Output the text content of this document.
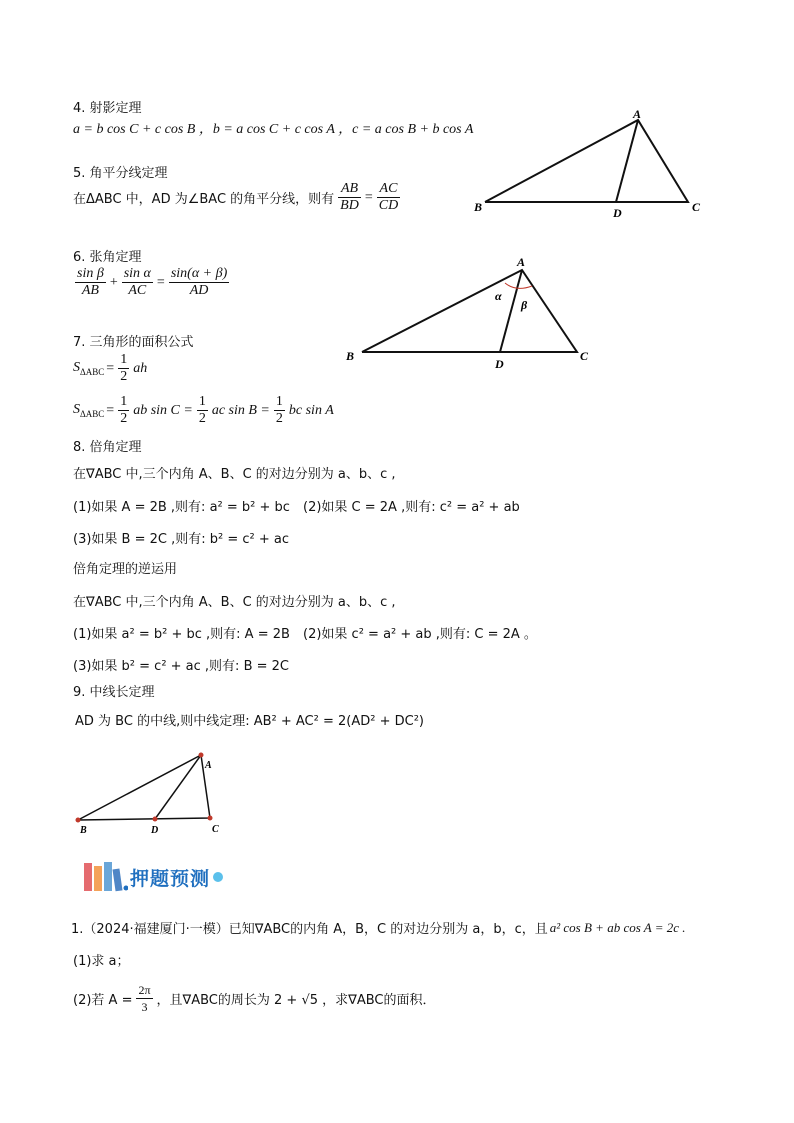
4. 射影定理
a = b cos C + c cos B ，b = a cos C + c cos A ，c = a cos B + b cos A
5. 角平分线定理
在ΔABC 中，AD 为∠BAC 的角平分线，则有 $\frac{AB}{BD} = \frac{AC}{CD}$
A
B	C
D
6. 张角定理
$\frac{\text{sin β}}{AB} + \frac{\text{sin α}}{AC} = \frac{\sin(\alpha + \beta)}{AD}$
A
B	C
D
α
β
7. 三角形的面积公式
$S_{\Delta ABC} = \frac{1}{2}$ ah
$S_{\Delta ABC} = \frac{1}{2}$ ab $\sin C = \frac{1}{2}$ ac $\sin B = \frac{1}{2}$ bc sin A
8. 倍角定理
在∇ABC 中,三个内角 A、B、C 的对边分别为 a、b、c ,
(1)如果 A = 2B ,则有: a² = b² + bc (2)如果 C = 2A ,则有: c² = a² + ab
(3)如果 B = 2C ,则有: b² = c² + ac
倍角定理的逆运用
在∇ABC 中,三个内角 A、B、C 的对边分别为 a、b、c ,
(1)如果 a² = b² + bc ,则有: A = 2B (2)如果 c² = a² + ab ,则有: C = 2A 。
(3)如果 b² = c² + ac ,则有: B = 2C
9. 中线长定理
AD 为 BC 的中线,则中线定理: AB² + AC² = 2(AD² + DC²)
A
B	C
D
押题预测
1.（2024·福建厦门·一模）已知∇ABC的内角 A，B，C 的对边分别为 a，b，c，且 a² cos B + ab cos A = 2c .
(1)求 a；
(2)若 $A = \frac{2\pi}{3}$ ，且∇ABC的周长为 2 + √5 ，求∇ABC的面积．
